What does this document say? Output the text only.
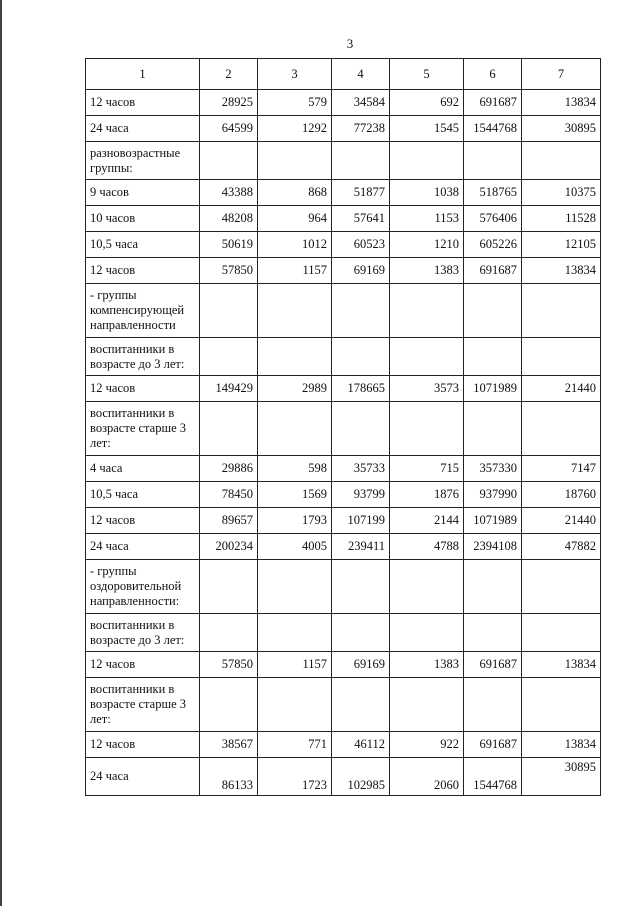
3
1	2	3	4	5	6	7
12 часов	28925	579	34584	692	691687	13834
24 часа	64599	1292	77238	1545	1544768	30895
разновозрастные группы:						
9 часов	43388	868	51877	1038	518765	10375
10 часов	48208	964	57641	1153	576406	11528
10,5 часа	50619	1012	60523	1210	605226	12105
12 часов	57850	1157	69169	1383	691687	13834
- группы компенсирующей направленности						
воспитанники в возрасте до 3 лет:						
12 часов	149429	2989	178665	3573	1071989	21440
воспитанники в возрасте старше 3 лет:						
4 часа	29886	598	35733	715	357330	7147
10,5 часа	78450	1569	93799	1876	937990	18760
12 часов	89657	1793	107199	2144	1071989	21440
24 часа	200234	4005	239411	4788	2394108	47882
- группы оздоровительной направленности:						
воспитанники в возрасте до 3 лет:						
12 часов	57850	1157	69169	1383	691687	13834
воспитанники в возрасте старше 3 лет:						
12 часов	38567	771	46112	922	691687	13834
24 часа	86133	1723	102985	2060	1544768	30895
